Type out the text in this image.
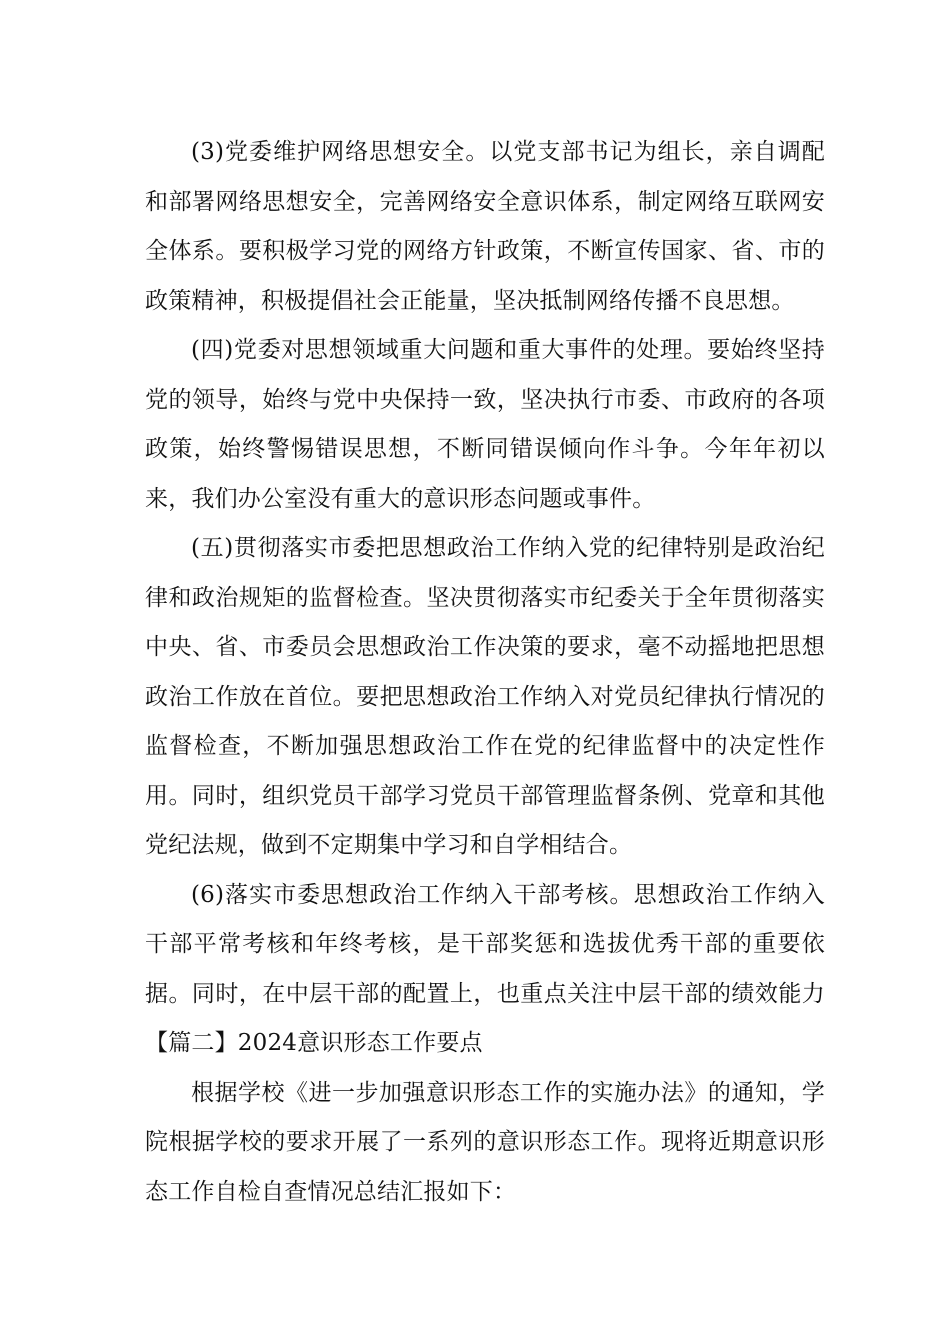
(3)党委维护网络思想安全。以党支部书记为组长，亲自调配和部署网络思想安全，完善网络安全意识体系，制定网络互联网安全体系。要积极学习党的网络方针政策，不断宣传国家、省、市的政策精神，积极提倡社会正能量，坚决抵制网络传播不良思想。

(四)党委对思想领域重大问题和重大事件的处理。要始终坚持党的领导，始终与党中央保持一致，坚决执行市委、市政府的各项政策，始终警惕错误思想，不断同错误倾向作斗争。今年年初以来，我们办公室没有重大的意识形态问题或事件。

(五)贯彻落实市委把思想政治工作纳入党的纪律特别是政治纪律和政治规矩的监督检查。坚决贯彻落实市纪委关于全年贯彻落实中央、省、市委员会思想政治工作决策的要求，毫不动摇地把思想政治工作放在首位。要把思想政治工作纳入对党员纪律执行情况的监督检查，不断加强思想政治工作在党的纪律监督中的决定性作用。同时，组织党员干部学习党员干部管理监督条例、党章和其他党纪法规，做到不定期集中学习和自学相结合。

(6)落实市委思想政治工作纳入干部考核。思想政治工作纳入干部平常考核和年终考核，是干部奖惩和选拔优秀干部的重要依据。同时，在中层干部的配置上，也重点关注中层干部的绩效能力【篇二】2024意识形态工作要点

根据学校《进一步加强意识形态工作的实施办法》的通知，学院根据学校的要求开展了一系列的意识形态工作。现将近期意识形态工作自检自查情况总结汇报如下：
